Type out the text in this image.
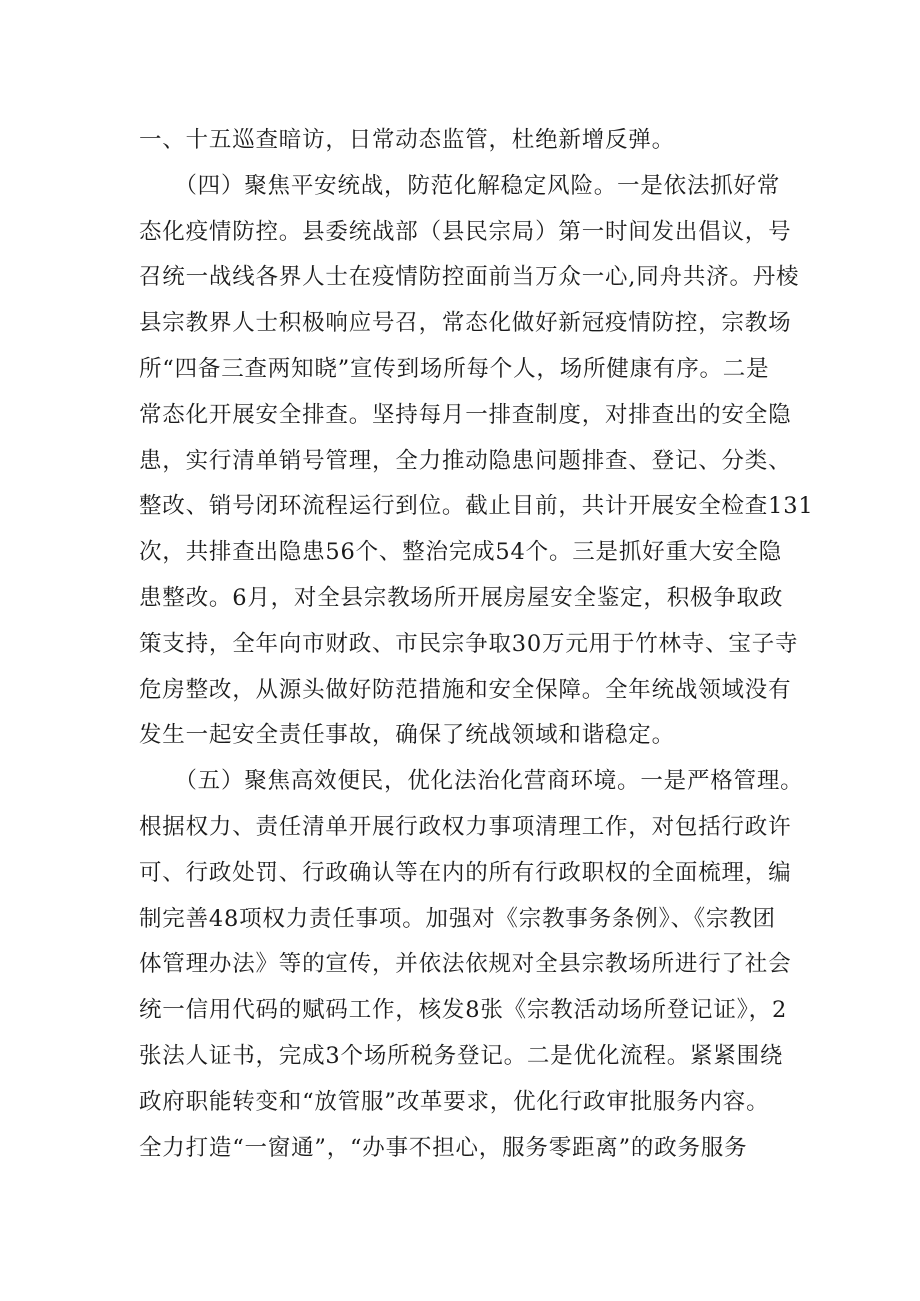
一、十五巡查暗访，日常动态监管，杜绝新增反弹。
　　（四）聚焦平安统战，防范化解稳定风险。一是依法抓好常
态化疫情防控。县委统战部（县民宗局）第一时间发出倡议，号
召统一战线各界人士在疫情防控面前当万众一心,同舟共济。丹棱
县宗教界人士积极响应号召，常态化做好新冠疫情防控，宗教场
所“四备三查两知晓”宣传到场所每个人，场所健康有序。二是
常态化开展安全排查。坚持每月一排查制度，对排查出的安全隐
患，实行清单销号管理，全力推动隐患问题排查、登记、分类、
整改、销号闭环流程运行到位。截止目前，共计开展安全检查131
次，共排查出隐患56个、整治完成54个。三是抓好重大安全隐
患整改。6月，对全县宗教场所开展房屋安全鉴定，积极争取政
策支持，全年向市财政、市民宗争取30万元用于竹林寺、宝子寺
危房整改，从源头做好防范措施和安全保障。全年统战领域没有
发生一起安全责任事故，确保了统战领域和谐稳定。
　　（五）聚焦高效便民，优化法治化营商环境。一是严格管理。
根据权力、责任清单开展行政权力事项清理工作，对包括行政许
可、行政处罚、行政确认等在内的所有行政职权的全面梳理，编
制完善48项权力责任事项。加强对《宗教事务条例》、《宗教团
体管理办法》等的宣传，并依法依规对全县宗教场所进行了社会
统一信用代码的赋码工作，核发8张《宗教活动场所登记证》，2
张法人证书，完成3个场所税务登记。二是优化流程。紧紧围绕
政府职能转变和“放管服”改革要求，优化行政审批服务内容。
全力打造“一窗通”，“办事不担心，服务零距离”的政务服务
